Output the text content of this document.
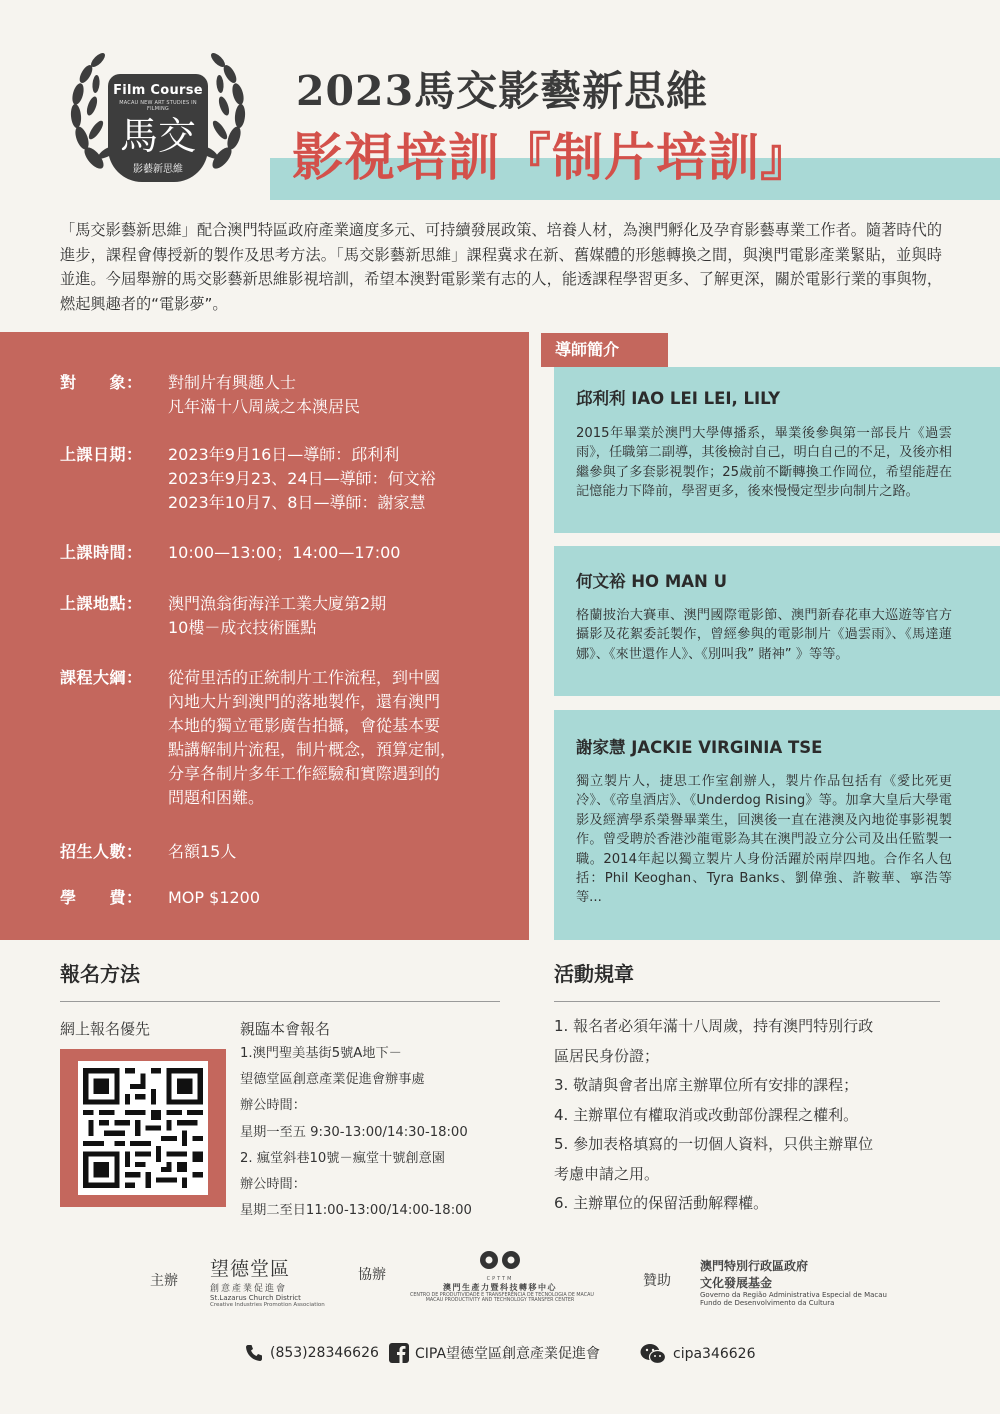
Film Course
MACAU NEW ART STUDIES IN FILMING
馬交
影藝新思維
2023馬交影藝新思維
影視培訓『制片培訓』
「馬交影藝新思維」配合澳門特區政府產業適度多元、可持續發展政策、培養人材，為澳門孵化及孕育影藝專業工作者。隨著時代的進步，課程會傳授新的製作及思考方法。「馬交影藝新思維」課程冀求在新、舊媒體的形態轉換之間，與澳門電影產業緊貼，並與時並進。今屆舉辦的馬交影藝新思維影視培訓，希望本澳對電影業有志的人，能透課程學習更多、了解更深，關於電影行業的事與物，燃起興趣者的“電影夢”。
對　　象：	對制片有興趣人士
凡年滿十八周歲之本澳居民
上課日期：	2023年9月16日—導師：邱利利
2023年9月23、24日—導師：何文裕
2023年10月7、8日—導師：謝家慧
上課時間：	10:00—13:00；14:00—17:00
上課地點：	澳門漁翁街海洋工業大廈第2期
10樓－成衣技術匯點
課程大綱：	從荷里活的正統制片工作流程，到中國
內地大片到澳門的落地製作，還有澳門
本地的獨立電影廣告拍攝，會從基本要
點講解制片流程，制片概念，預算定制，
分享各制片多年工作經驗和實際遇到的
問題和困難。
招生人數：	名額15人
學　　費：	MOP $1200
導師簡介
邱利利 IAO LEI LEI, LILY
2015年畢業於澳門大學傳播系，畢業後參與第一部長片《過雲雨》，任職第二副導，其後檢討自己，明白自己的不足，及後亦相繼參與了多套影視製作；25歲前不斷轉換工作岡位，希望能趕在記憶能力下降前，學習更多，後來慢慢定型步向制片之路。
何文裕 HO MAN U
格蘭披治大賽車、澳門國際電影節、澳門新春花車大巡遊等官方攝影及花絮委託製作，曾經參與的電影制片《過雲雨》、《馬達蓮娜》、《來世還作人》、《別叫我” 賭神” 》等等。
謝家慧 JACKIE VIRGINIA TSE
獨立製片人，捷思工作室創辦人，製片作品包括有《愛比死更冷》、《帝皇酒店》、《Underdog Rising》等。加拿大皇后大學電影及經濟學系榮譽畢業生，回澳後一直在港澳及內地從事影視製作。曾受聘於香港沙龍電影為其在澳門設立分公司及出任監製一職。2014年起以獨立製片人身份活躍於兩岸四地。合作名人包括：Phil Keoghan、Tyra Banks、劉偉強、許鞍華、寧浩等等...
報名方法
網上報名優先	親臨本會報名
1.澳門聖美基街5號A地下－
望德堂區創意產業促進會辦事處
辦公時間：
星期一至五 9:30-13:00/14:30-18:00
2. 瘋堂斜巷10號－瘋堂十號創意園
辦公時間：
星期二至日11:00-13:00/14:00-18:00
活動規章
1. 報名者必須年滿十八周歲，持有澳門特別行政
區居民身份證；
3. 敬請與會者出席主辦單位所有安排的課程；
4. 主辦單位有權取消或改動部份課程之權利。
5. 參加表格填寫的一切個人資料，只供主辦單位
考慮申請之用。
6. 主辦單位的保留活動解釋權。
主辦
望德堂區
創意產業促進會
St.Lazarus Church District
Creative Industries Promotion Association
協辦	CPTTM
澳門生產力暨科技轉移中心
CENTRO DE PRODUTIVIDADE E TRANSFERÊNCIA DE TECNOLOGIA DE MACAU
MACAU PRODUCTIVITY AND TECHNOLOGY TRANSFER CENTER
贊助
澳門特別行政區政府
文化發展基金
Governo da Região Administrativa Especial de Macau
Fundo de Desenvolvimento da Cultura
(853)28346626	CIPA望德堂區創意產業促進會	cipa346626
